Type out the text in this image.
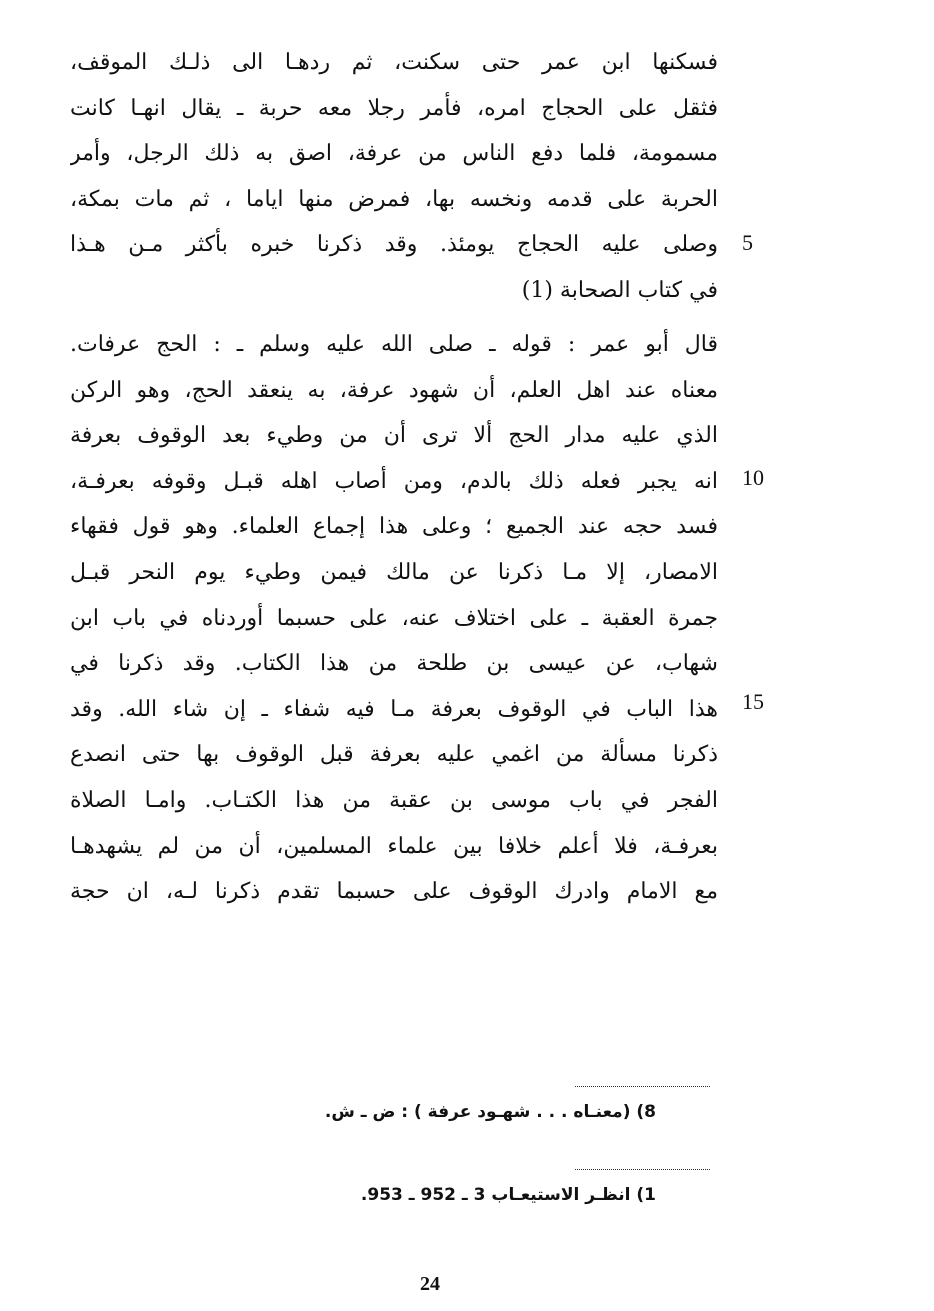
فسكنها ابن عمر حتى سكنت، ثم ردهـا الى ذلـك الموقف،
فثقل على الحجاج امره، فأمر رجلا معه حربة ـ يقال انهـا كانت
مسمومة، فلما دفع الناس من عرفة، اصق به ذلك الرجل، وأمر
الحربة على قدمه ونخسه بها، فمرض منها اياما ، ثم مات بمكة،
وصلى عليه الحجاج يومئذ. وقد ذكرنا خبره بأكثر مـن هـذا
في كتاب الصحابة (1)
قال أبو عمر : قوله ـ صلى الله عليه وسلم ـ : الحج عرفات.
معناه عند اهل العلم، أن شهود عرفة، به ينعقد الحج، وهو الركن
الذي عليه مدار الحج ألا ترى أن من وطيء بعد الوقوف بعرفة
انه يجبر فعله ذلك بالدم، ومن أصاب اهله قبـل وقوفه بعرفـة،
فسد حجه عند الجميع ؛ وعلى هذا إجماع العلماء. وهو قول فقهاء
الامصار، إلا مـا ذكرنا عن مالك فيمن وطيء يوم النحر قبـل
جمرة العقبة ـ على اختلاف عنه، على حسبما أوردناه في باب ابن
شهاب، عن عيسى بن طلحة من هذا الكتاب. وقد ذكرنا في
هذا الباب في الوقوف بعرفة مـا فيه شفاء ـ إن شاء الله. وقد
ذكرنا مسألة من اغمي عليه بعرفة قبل الوقوف بها حتى انصدع
الفجر في باب موسى بن عقبة من هذا الكتـاب. وامـا الصلاة
بعرفـة، فلا أعلم خلافا بين علماء المسلمين، أن من لم يشهدهـا
مع الامام وادرك الوقوف على حسبما تقدم ذكرنا لـه، ان حجة
5
10
15
8) (معنـاه . . . شهـود عرفة ) : ض ـ ش.
1) انظـر الاستيعـاب 3 ـ 952 ـ 953.
24
